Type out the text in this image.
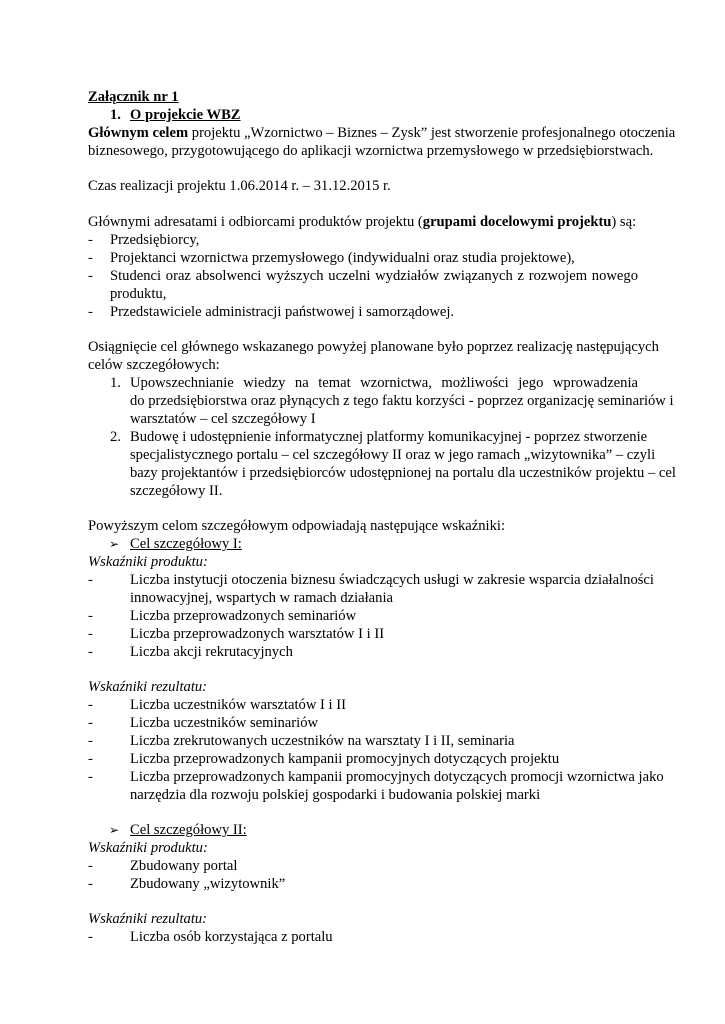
Załącznik nr 1
1. O projekcie WBZ
Głównym celem projektu „Wzornictwo – Biznes – Zysk” jest stworzenie profesjonalnego otoczenia
biznesowego, przygotowującego do aplikacji wzornictwa przemysłowego w przedsiębiorstwach.
Czas realizacji projektu 1.06.2014 r. – 31.12.2015 r.
Głównymi adresatami i odbiorcami produktów projektu (grupami docelowymi projektu) są:
- Przedsiębiorcy,
- Projektanci wzornictwa przemysłowego (indywidualni oraz studia projektowe),
- Studenci oraz absolwenci wyższych uczelni wydziałów związanych z rozwojem nowego
produktu,
- Przedstawiciele administracji państwowej i samorządowej.
Osiągnięcie cel głównego wskazanego powyżej planowane było poprzez realizację następujących
celów szczegółowych:
1. Upowszechnianie wiedzy na temat wzornictwa, możliwości jego wprowadzenia
do przedsiębiorstwa oraz płynących z tego faktu korzyści - poprzez organizację seminariów i
warsztatów – cel szczegółowy I
2. Budowę i udostępnienie informatycznej platformy komunikacyjnej - poprzez stworzenie
specjalistycznego portalu – cel szczegółowy II oraz w jego ramach „wizytownika” – czyli
bazy projektantów i przedsiębiorców udostępnionej na portalu dla uczestników projektu – cel
szczegółowy II.
Powyższym celom szczegółowym odpowiadają następujące wskaźniki:
➢ Cel szczegółowy I:
Wskaźniki produktu:
-	Liczba instytucji otoczenia biznesu świadczących usługi w zakresie wsparcia działalności
innowacyjnej, wspartych w ramach działania
-	Liczba przeprowadzonych seminariów
-	Liczba przeprowadzonych warsztatów I i II
-	Liczba akcji rekrutacyjnych
Wskaźniki rezultatu:
-	Liczba uczestników warsztatów I i II
-	Liczba uczestników seminariów
-	Liczba zrekrutowanych uczestników na warsztaty I i II, seminaria
-	Liczba przeprowadzonych kampanii promocyjnych dotyczących projektu
-	Liczba przeprowadzonych kampanii promocyjnych dotyczących promocji wzornictwa jako
narzędzia dla rozwoju polskiej gospodarki i budowania polskiej marki
➢ Cel szczegółowy II:
Wskaźniki produktu:
-	Zbudowany portal
-	Zbudowany „wizytownik”
Wskaźniki rezultatu:
-	Liczba osób korzystająca z portalu
